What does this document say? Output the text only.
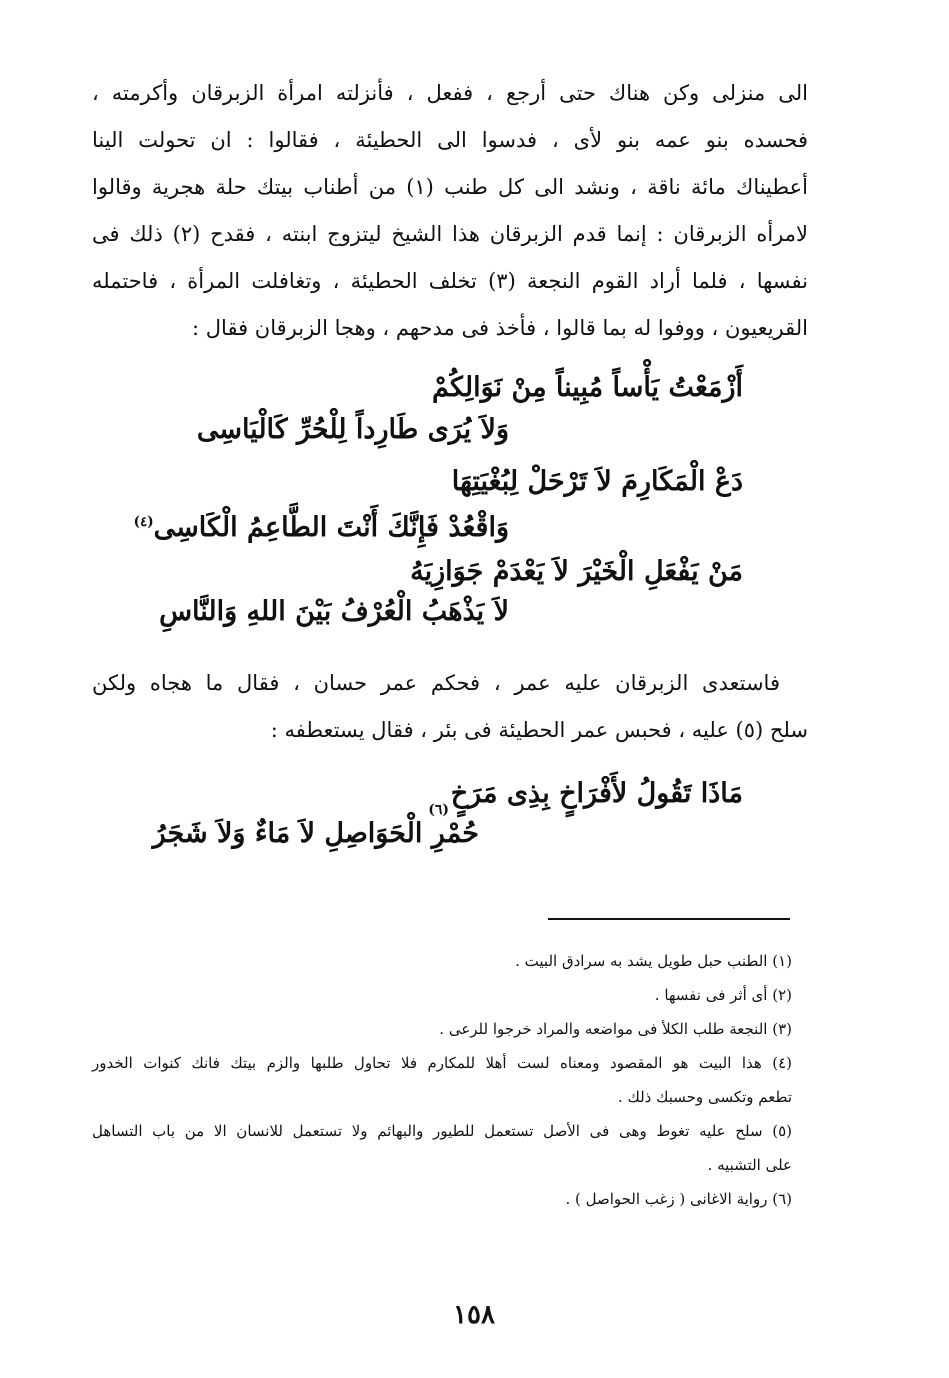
الى منزلى وكن هناك حتى أرجع ، ففعل ، فأنزلته امرأة الزبرقان وأكرمته ،
فحسده بنو عمه بنو لأى ، فدسوا الى الحطيئة ، فقالوا : ان تحولت الينا
أعطيناك مائة ناقة ، ونشد الى كل طنب (١) من أطناب بيتك حلة هجرية وقالوا
لامرأه الزبرقان : إنما قدم الزبرقان هذا الشيخ ليتزوج ابنته ، فقدح (٢) ذلك فى
نفسها ، فلما أراد القوم النجعة (٣) تخلف الحطيئة ، وتغافلت المرأة ، فاحتمله
القريعيون ، ووفوا له بما قالوا ، فأخذ فى مدحهم ، وهجا الزبرقان فقال :
أَزْمَعْتُ يَأْساً مُبِيناً مِنْ نَوَالِكُمْ
وَلاَ يُرَى طَارِداً لِلْحُرِّ كَالْيَاسِى
دَعْ الْمَكَارِمَ لاَ تَرْحَلْ لِبُغْيَتِهَا
وَاقْعُدْ فَإِنَّكَ أَنْتَ الطَّاعِمُ الْكَاسِى$^{(٤)}$
مَنْ يَفْعَلِ الْخَيْرَ لاَ يَعْدَمْ جَوَازِيَهُ
لاَ يَذْهَبُ الْعُرْفُ بَيْنَ اللهِ وَالنَّاسِ
فاستعدى الزبرقان عليه عمر ، فحكم عمر حسان ، فقال ما هجاه ولكن
سلح (٥) عليه ، فحبس عمر الحطيئة فى بئر ، فقال يستعطفه :
مَاذَا تَقُولُ لأَفْرَاخٍ بِذِى مَرَخٍ
حُمْرِ الْحَوَاصِلِ لاَ مَاءٌ وَلاَ شَجَرُ
(٦)
(١) الطنب حبل طويل يشد به سرادق البيت .
(٢) أى أثر فى نفسها .
(٣) النجعة طلب الكلأ فى مواضعه والمراد خرجوا للرعى .
(٤) هذا البيت هو المقصود ومعناه لست أهلا للمكارم فلا تحاول طلبها والزم بيتك فانك كنوات الخدور
تطعم وتكسى وحسبك ذلك .
(٥) سلح عليه تغوط وهى فى الأصل تستعمل للطيور والبهائم ولا تستعمل للانسان الا من باب التساهل
على التشبيه .
(٦) رواية الاغانى ( زغب الحواصل ) .
١٥٨
